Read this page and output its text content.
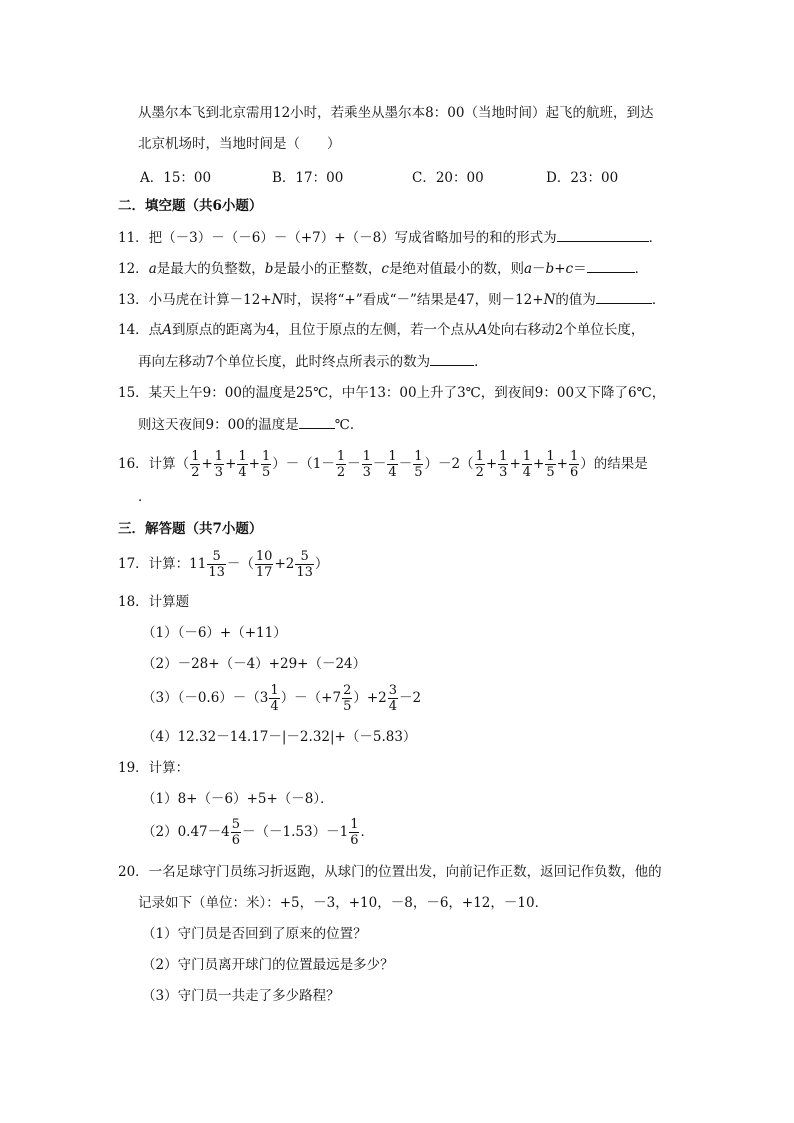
从墨尔本飞到北京需用12小时，若乘坐从墨尔本8：00（当地时间）起飞的航班，到达
北京机场时，当地时间是（　　）
A．15：00	B．17：00	C．20：00	D．23：00
二．填空题（共6小题）
11．把（－3）－（－6）－（+7）+（－8）写成省略加号的和的形式为	．
12．a是最大的负整数，b是最小的正整数，c是绝对值最小的数，则a－b+c＝	．
13．小马虎在计算－12+N时，误将“+”看成“－”结果是47，则－12+N的值为	．
14．点A到原点的距离为4，且位于原点的左侧，若一个点从A处向右移动2个单位长度，
再向左移动7个单位长度，此时终点所表示的数为	．
15．某天上午9：00的温度是25℃，中午13：00上升了3℃，到夜间9：00又下降了6℃，
则这天夜间9：00的温度是	℃．
16．计算（ $\frac{1}{2} + \frac{1}{3} + \frac{1}{4} + \frac{1}{5} )-(1- \frac{1}{2} - \frac{1}{3} - \frac{1}{4} - \frac{1}{5} )-2( \frac{1}{2} + \frac{1}{3} + \frac{1}{4} + \frac{1}{5} + \frac{1}{6}$ ）的结果是
．
三．解答题（共7小题）
17．计算：$11 \frac{5}{13}$ －（ $\frac{10}{17} +2 \frac{5}{13}$ ）
18．计算题
（1）（－6）+（+11）
（2）－28+（－4）+29+（－24）
$(3)(-0.6)-(3 \frac{1}{4} )-(+7 \frac{2}{5} )+2 \frac{3}{4} -2$
（4）12.32－14.17－|－2.32|+（－5.83）
19．计算：
（1）8+（－6）+5+（－8）．
$(2)0.47-4 \frac{5}{6} -(-1.53)-1 \frac{1}{6}$ ．
20．一名足球守门员练习折返跑，从球门的位置出发，向前记作正数，返回记作负数，他的
记录如下（单位：米）：+5，－3，+10，－8，－6，+12，－10．
（1）守门员是否回到了原来的位置？
（2）守门员离开球门的位置最远是多少？
（3）守门员一共走了多少路程？
